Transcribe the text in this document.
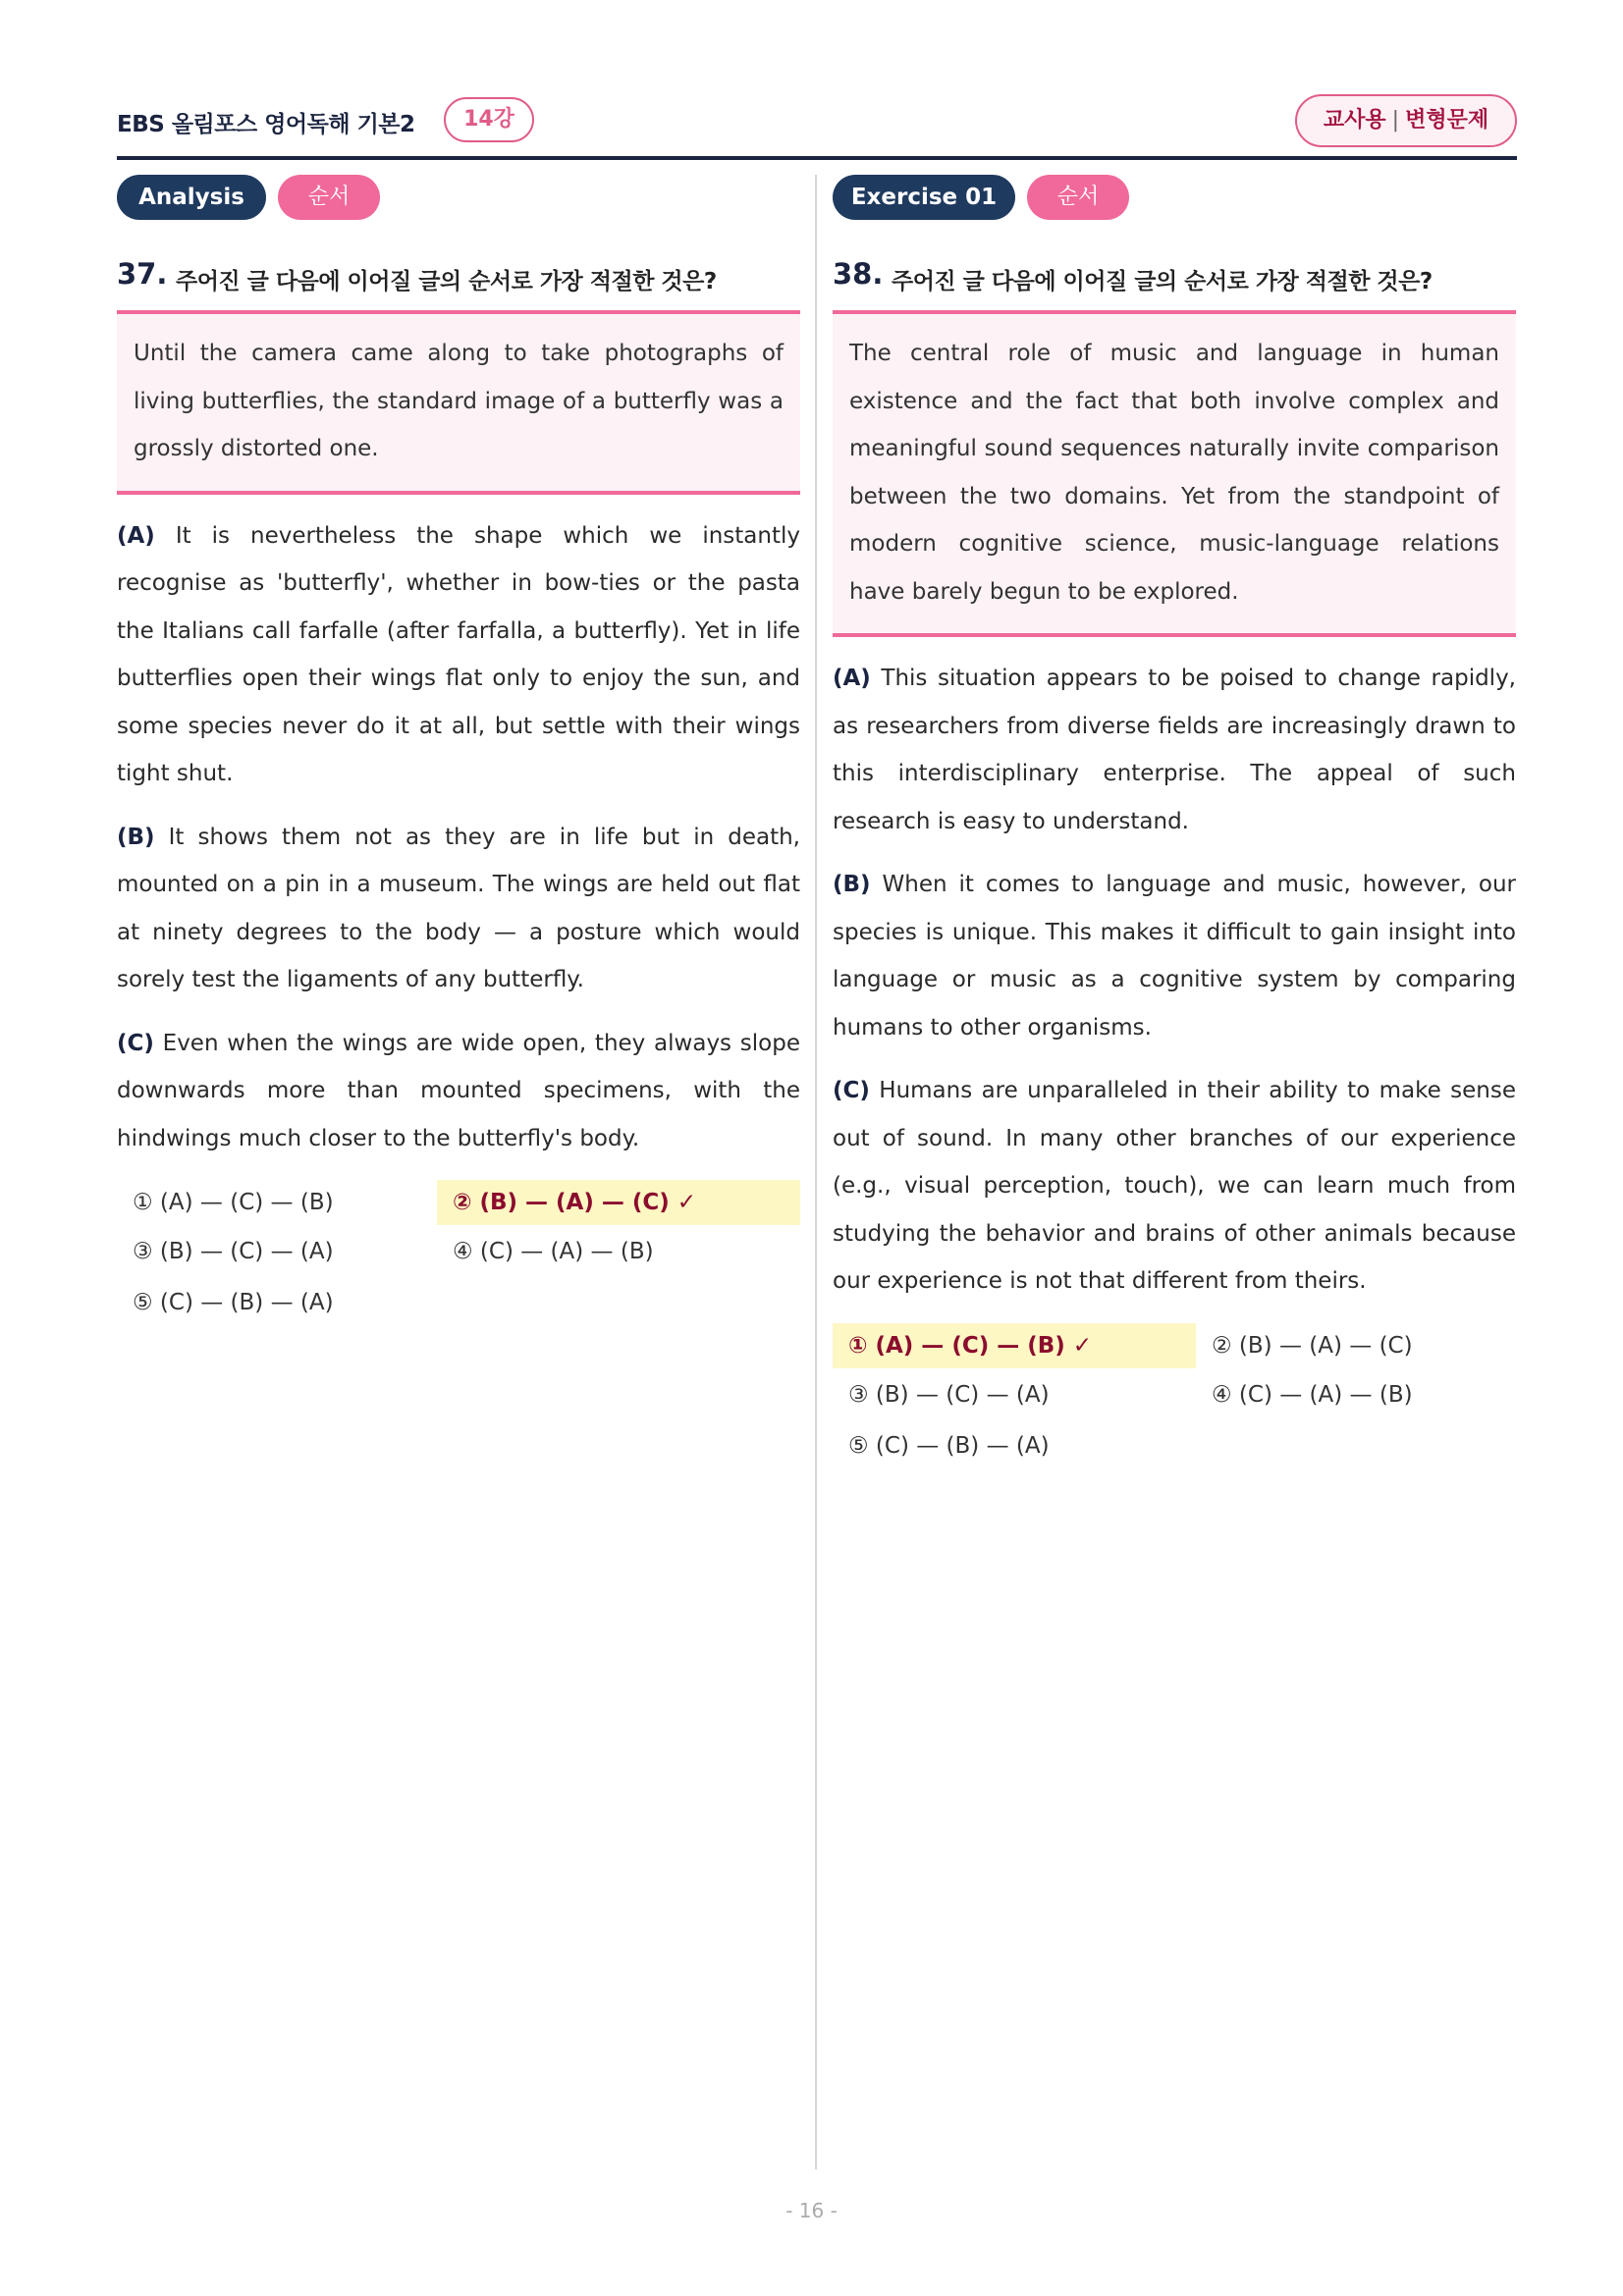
EBS 올림포스 영어독해 기본2	14강	교사용 | 변형문제
Analysis	순서
37. 주어진 글 다음에 이어질 글의 순서로 가장 적절한 것은?
Until the camera came along to take photographs of living butterflies, the standard image of a butterfly was a grossly distorted one.
(A) It is nevertheless the shape which we instantly recognise as 'butterfly', whether in bow-ties or the pasta the Italians call farfalle (after farfalla, a butterfly). Yet in life butterflies open their wings flat only to enjoy the sun, and some species never do it at all, but settle with their wings tight shut.
(B) It shows them not as they are in life but in death, mounted on a pin in a museum. The wings are held out flat at ninety degrees to the body — a posture which would sorely test the ligaments of any butterfly.
(C) Even when the wings are wide open, they always slope downwards more than mounted specimens, with the hindwings much closer to the butterfly's body.
① (A) — (C) — (B)	② (B) — (A) — (C) ✓
③ (B) — (C) — (A)	④ (C) — (A) — (B)
⑤ (C) — (B) — (A)
Exercise 01	순서
38. 주어진 글 다음에 이어질 글의 순서로 가장 적절한 것은?
The central role of music and language in human existence and the fact that both involve complex and meaningful sound sequences naturally invite comparison between the two domains. Yet from the standpoint of modern cognitive science, music-language relations have barely begun to be explored.
(A) This situation appears to be poised to change rapidly, as researchers from diverse fields are increasingly drawn to this interdisciplinary enterprise. The appeal of such research is easy to understand.
(B) When it comes to language and music, however, our species is unique. This makes it difficult to gain insight into language or music as a cognitive system by comparing humans to other organisms.
(C) Humans are unparalleled in their ability to make sense out of sound. In many other branches of our experience (e.g., visual perception, touch), we can learn much from studying the behavior and brains of other animals because our experience is not that different from theirs.
① (A) — (C) — (B) ✓	② (B) — (A) — (C)
③ (B) — (C) — (A)	④ (C) — (A) — (B)
⑤ (C) — (B) — (A)
- 16 -
